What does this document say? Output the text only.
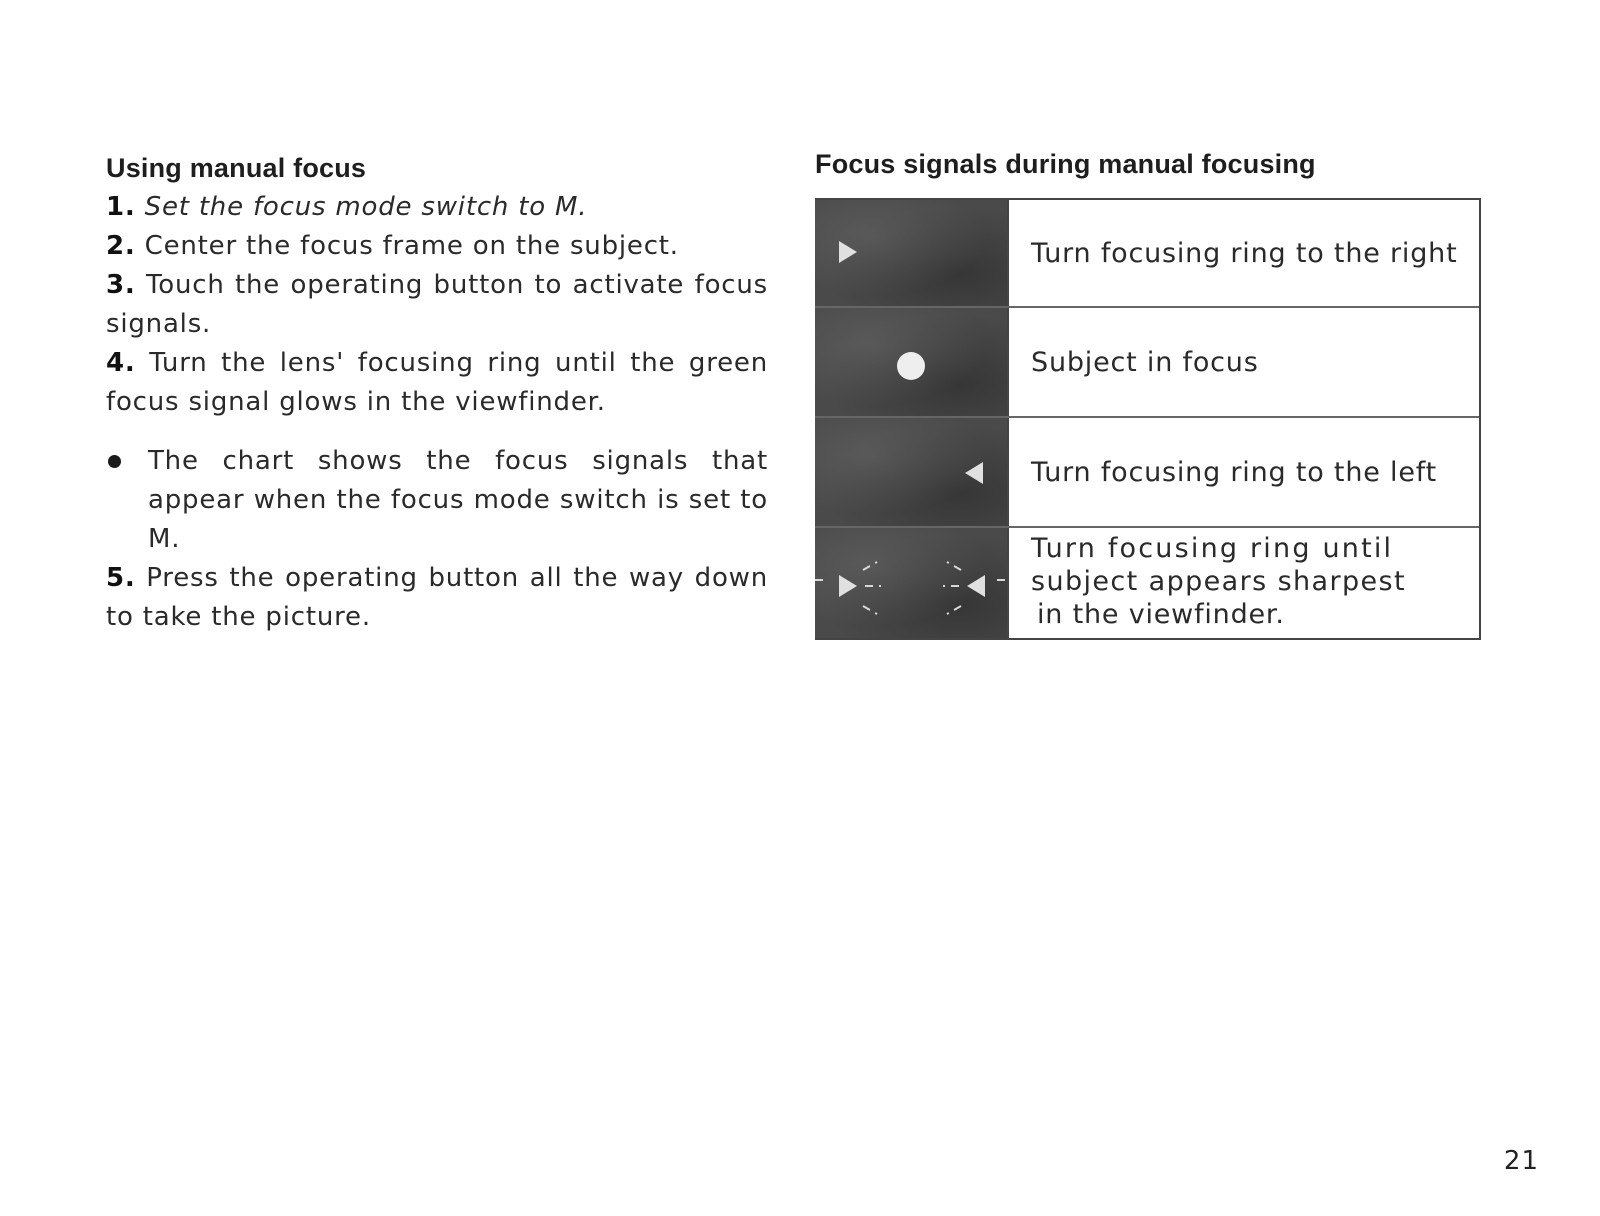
Using manual focus

1. Set the focus mode switch to M.

2. Center the focus frame on the subject.

3. Touch the operating button to activate focus signals.

4. Turn the lens' focusing ring until the green focus signal glows in the viewfinder.

The chart shows the focus signals that appear when the focus mode switch is set to M.

5. Press the operating button all the way down to take the picture.

Focus signals during manual focusing
Turn focusing ring to the right
Subject in focus
Turn focusing ring to the left
Turn focusing ring until
subject appears sharpest
in the viewfinder.
21
